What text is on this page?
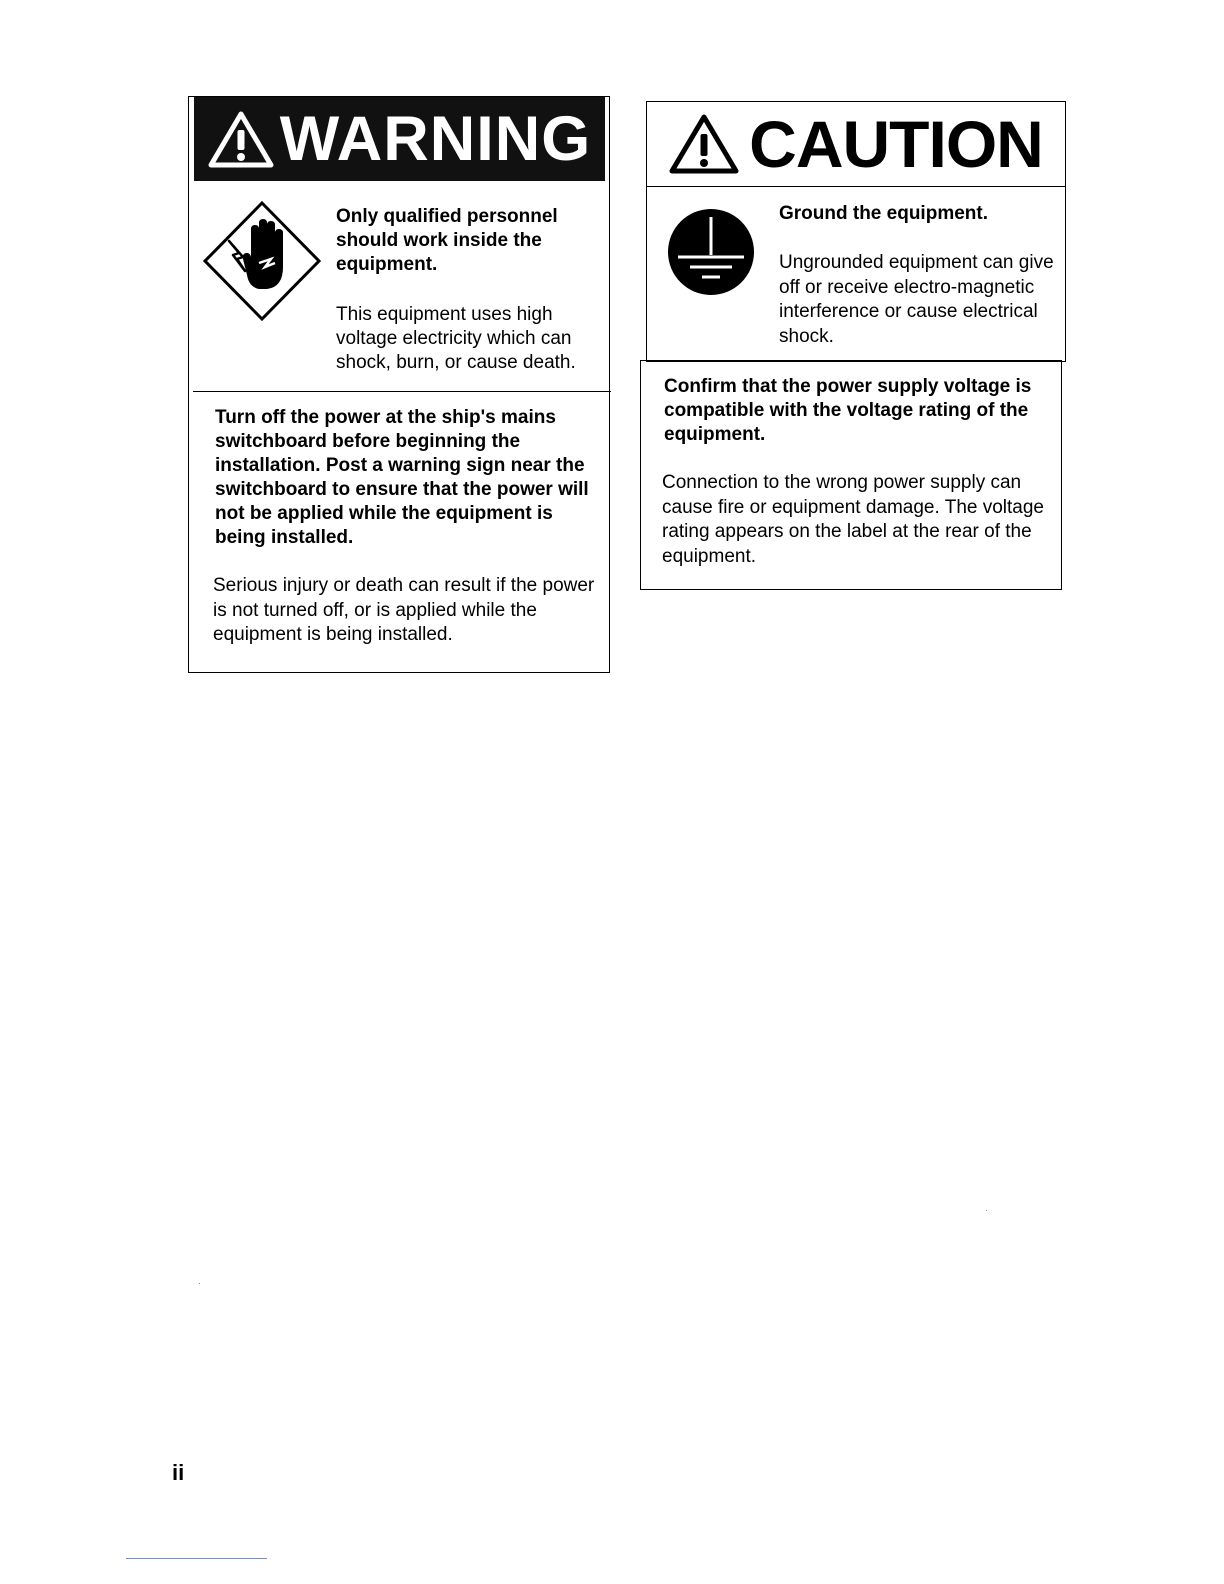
WARNING
Only qualified personnel should work inside the equipment.
This equipment uses high voltage electricity which can shock, burn, or cause death.
Turn off the power at the ship's mains switchboard before beginning the installation. Post a warning sign near the switchboard to ensure that the power will not be applied while the equipment is being installed.
Serious injury or death can result if the power is not turned off, or is applied while the equipment is being installed.
CAUTION
Ground the equipment.
Ungrounded equipment can give off or receive electro-magnetic interference or cause electrical shock.
Confirm that the power supply voltage is compatible with the voltage rating of the equipment.
Connection to the wrong power supply can cause fire or equipment damage. The voltage rating appears on the label at the rear of the equipment.
ii
